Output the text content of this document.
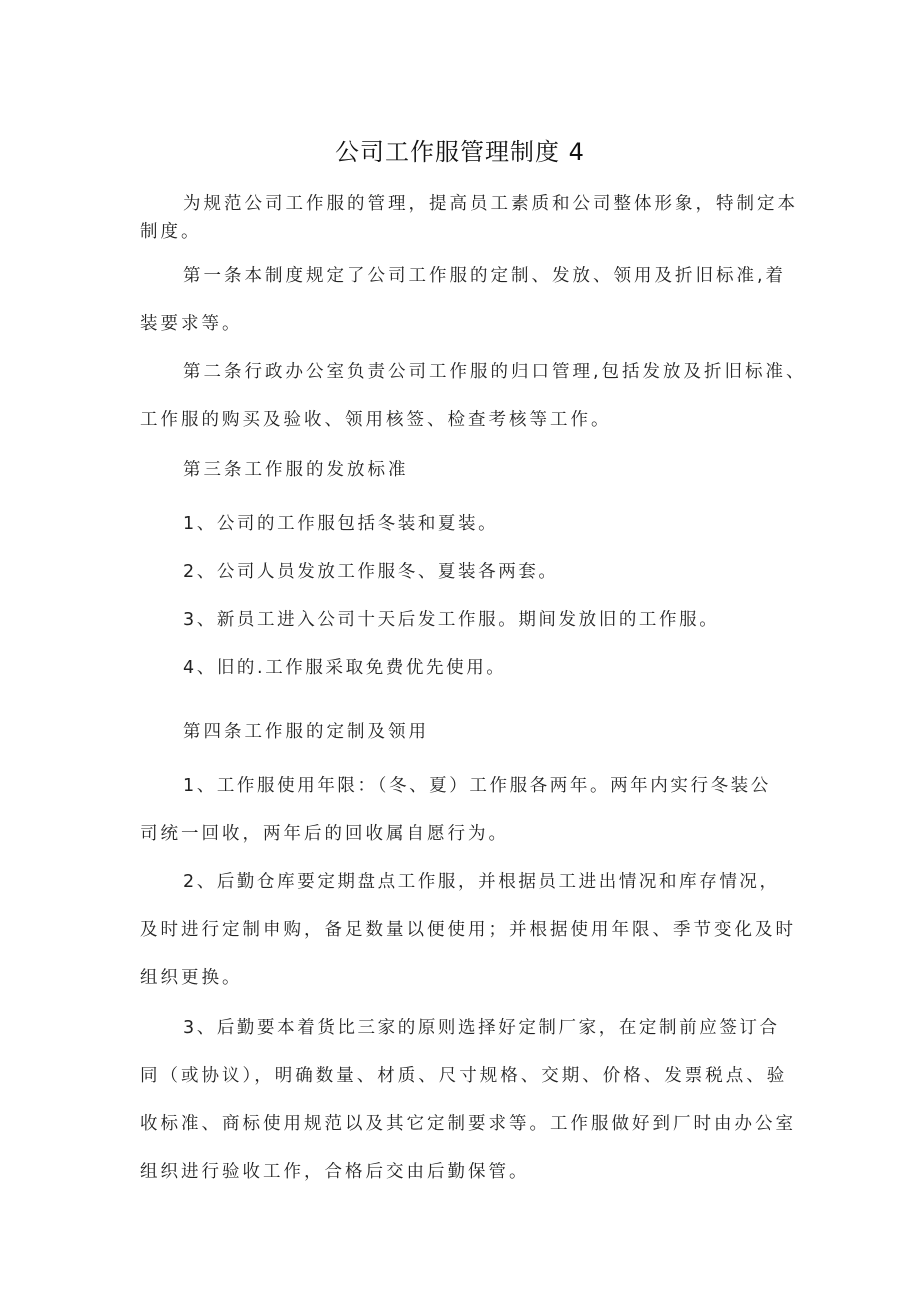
公司工作服管理制度 4

为规范公司工作服的管理，提高员工素质和公司整体形象，特制定本

制度。

第一条本制度规定了公司工作服的定制、发放、领用及折旧标准,着

装要求等。

第二条行政办公室负责公司工作服的归口管理,包括发放及折旧标准、

工作服的购买及验收、领用核签、检查考核等工作。

第三条工作服的发放标准

1、公司的工作服包括冬装和夏装。

2、公司人员发放工作服冬、夏装各两套。

3、新员工进入公司十天后发工作服。期间发放旧的工作服。

4、旧的.工作服采取免费优先使用。

第四条工作服的定制及领用

1、工作服使用年限：（冬、夏）工作服各两年。两年内实行冬装公

司统一回收，两年后的回收属自愿行为。

2、后勤仓库要定期盘点工作服，并根据员工进出情况和库存情况，

及时进行定制申购，备足数量以便使用；并根据使用年限、季节变化及时

组织更换。

3、后勤要本着货比三家的原则选择好定制厂家，在定制前应签订合

同（或协议），明确数量、材质、尺寸规格、交期、价格、发票税点、验

收标准、商标使用规范以及其它定制要求等。工作服做好到厂时由办公室

组织进行验收工作，合格后交由后勤保管。
